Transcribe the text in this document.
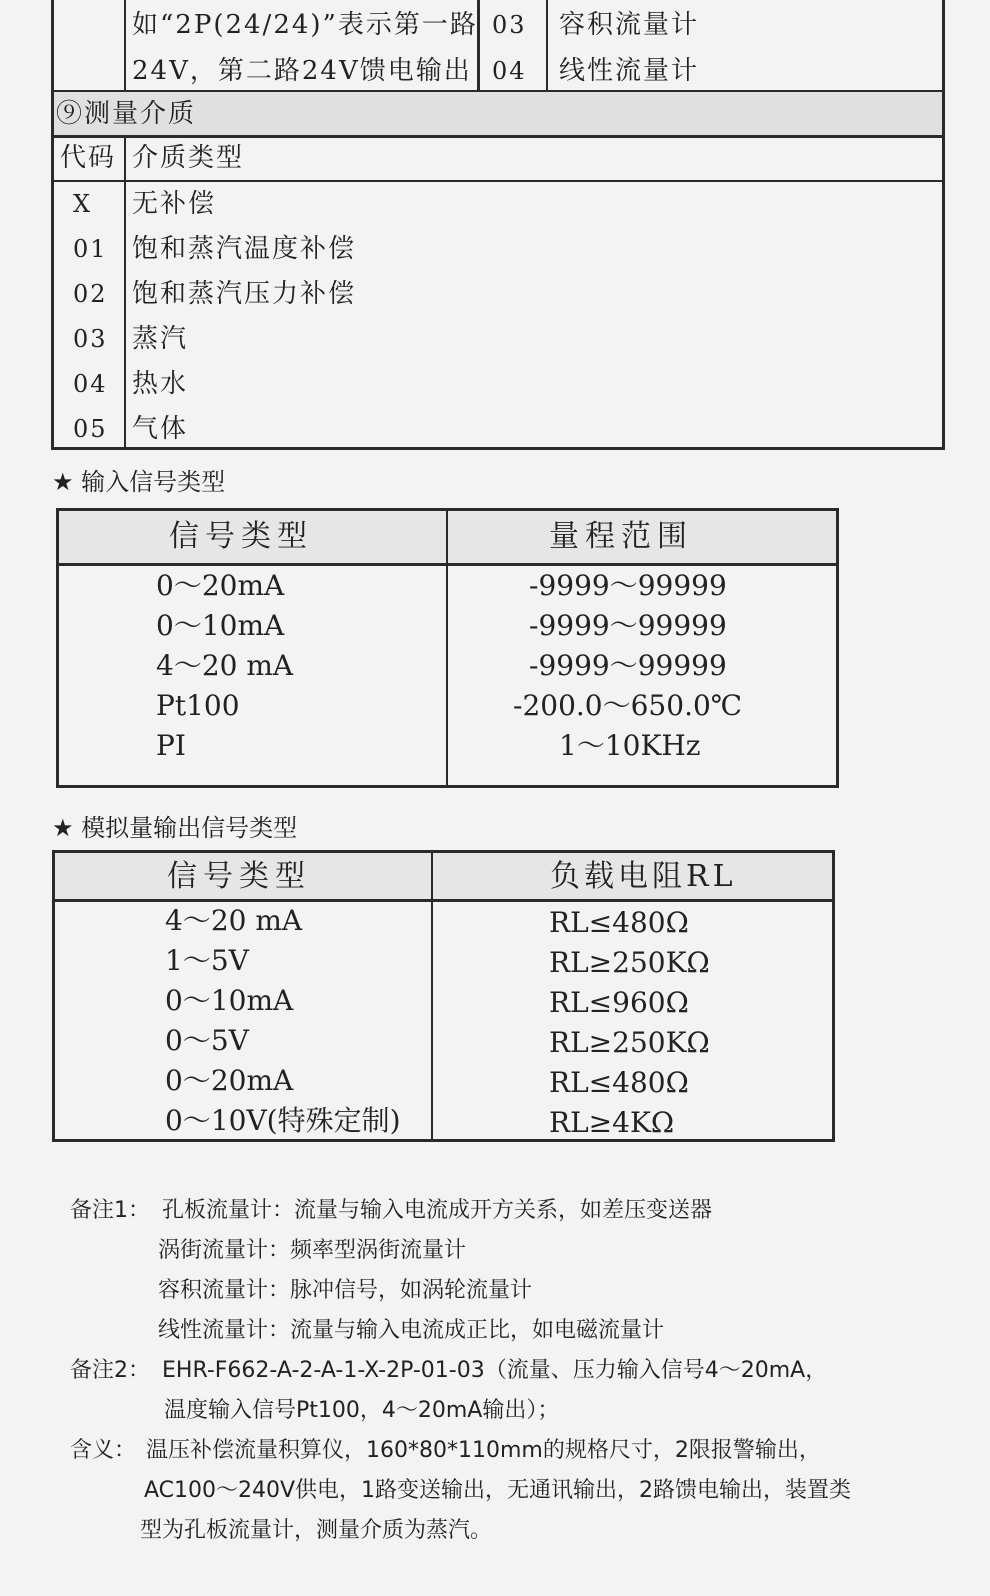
如“2P(24/24)”表示第一路
24V，第二路24V馈电输出
03 容积流量计
04 线性流量计
⑨测量介质
代码 介质类型
X 无补偿
01 饱和蒸汽温度补偿
02 饱和蒸汽压力补偿
03 蒸汽
04 热水
05 气体
★ 输入信号类型
信号类型	量程范围
0～20mA	-9999～99999
0～10mA	-9999～99999
4～20 mA	-9999～99999
Pt100	-200.0～650.0℃
PI	1～10KHz
★ 模拟量输出信号类型
信号类型	负载电阻RL
4～20 mA	RL≤480Ω
1～5V	RL≥250KΩ
0～10mA	RL≤960Ω
0～5V	RL≥250KΩ
0～20mA	RL≤480Ω
0～10V(特殊定制)	RL≥4KΩ
备注1： 孔板流量计：流量与输入电流成开方关系，如差压变送器
涡街流量计：频率型涡街流量计
容积流量计：脉冲信号，如涡轮流量计
线性流量计：流量与输入电流成正比，如电磁流量计
备注2： EHR-F662-A-2-A-1-X-2P-01-03（流量、压力输入信号4～20mA，
温度输入信号Pt100，4～20mA输出）；
含义： 温压补偿流量积算仪，160*80*110mm的规格尺寸，2限报警输出，
AC100～240V供电，1路变送输出，无通讯输出，2路馈电输出，装置类
型为孔板流量计，测量介质为蒸汽。
